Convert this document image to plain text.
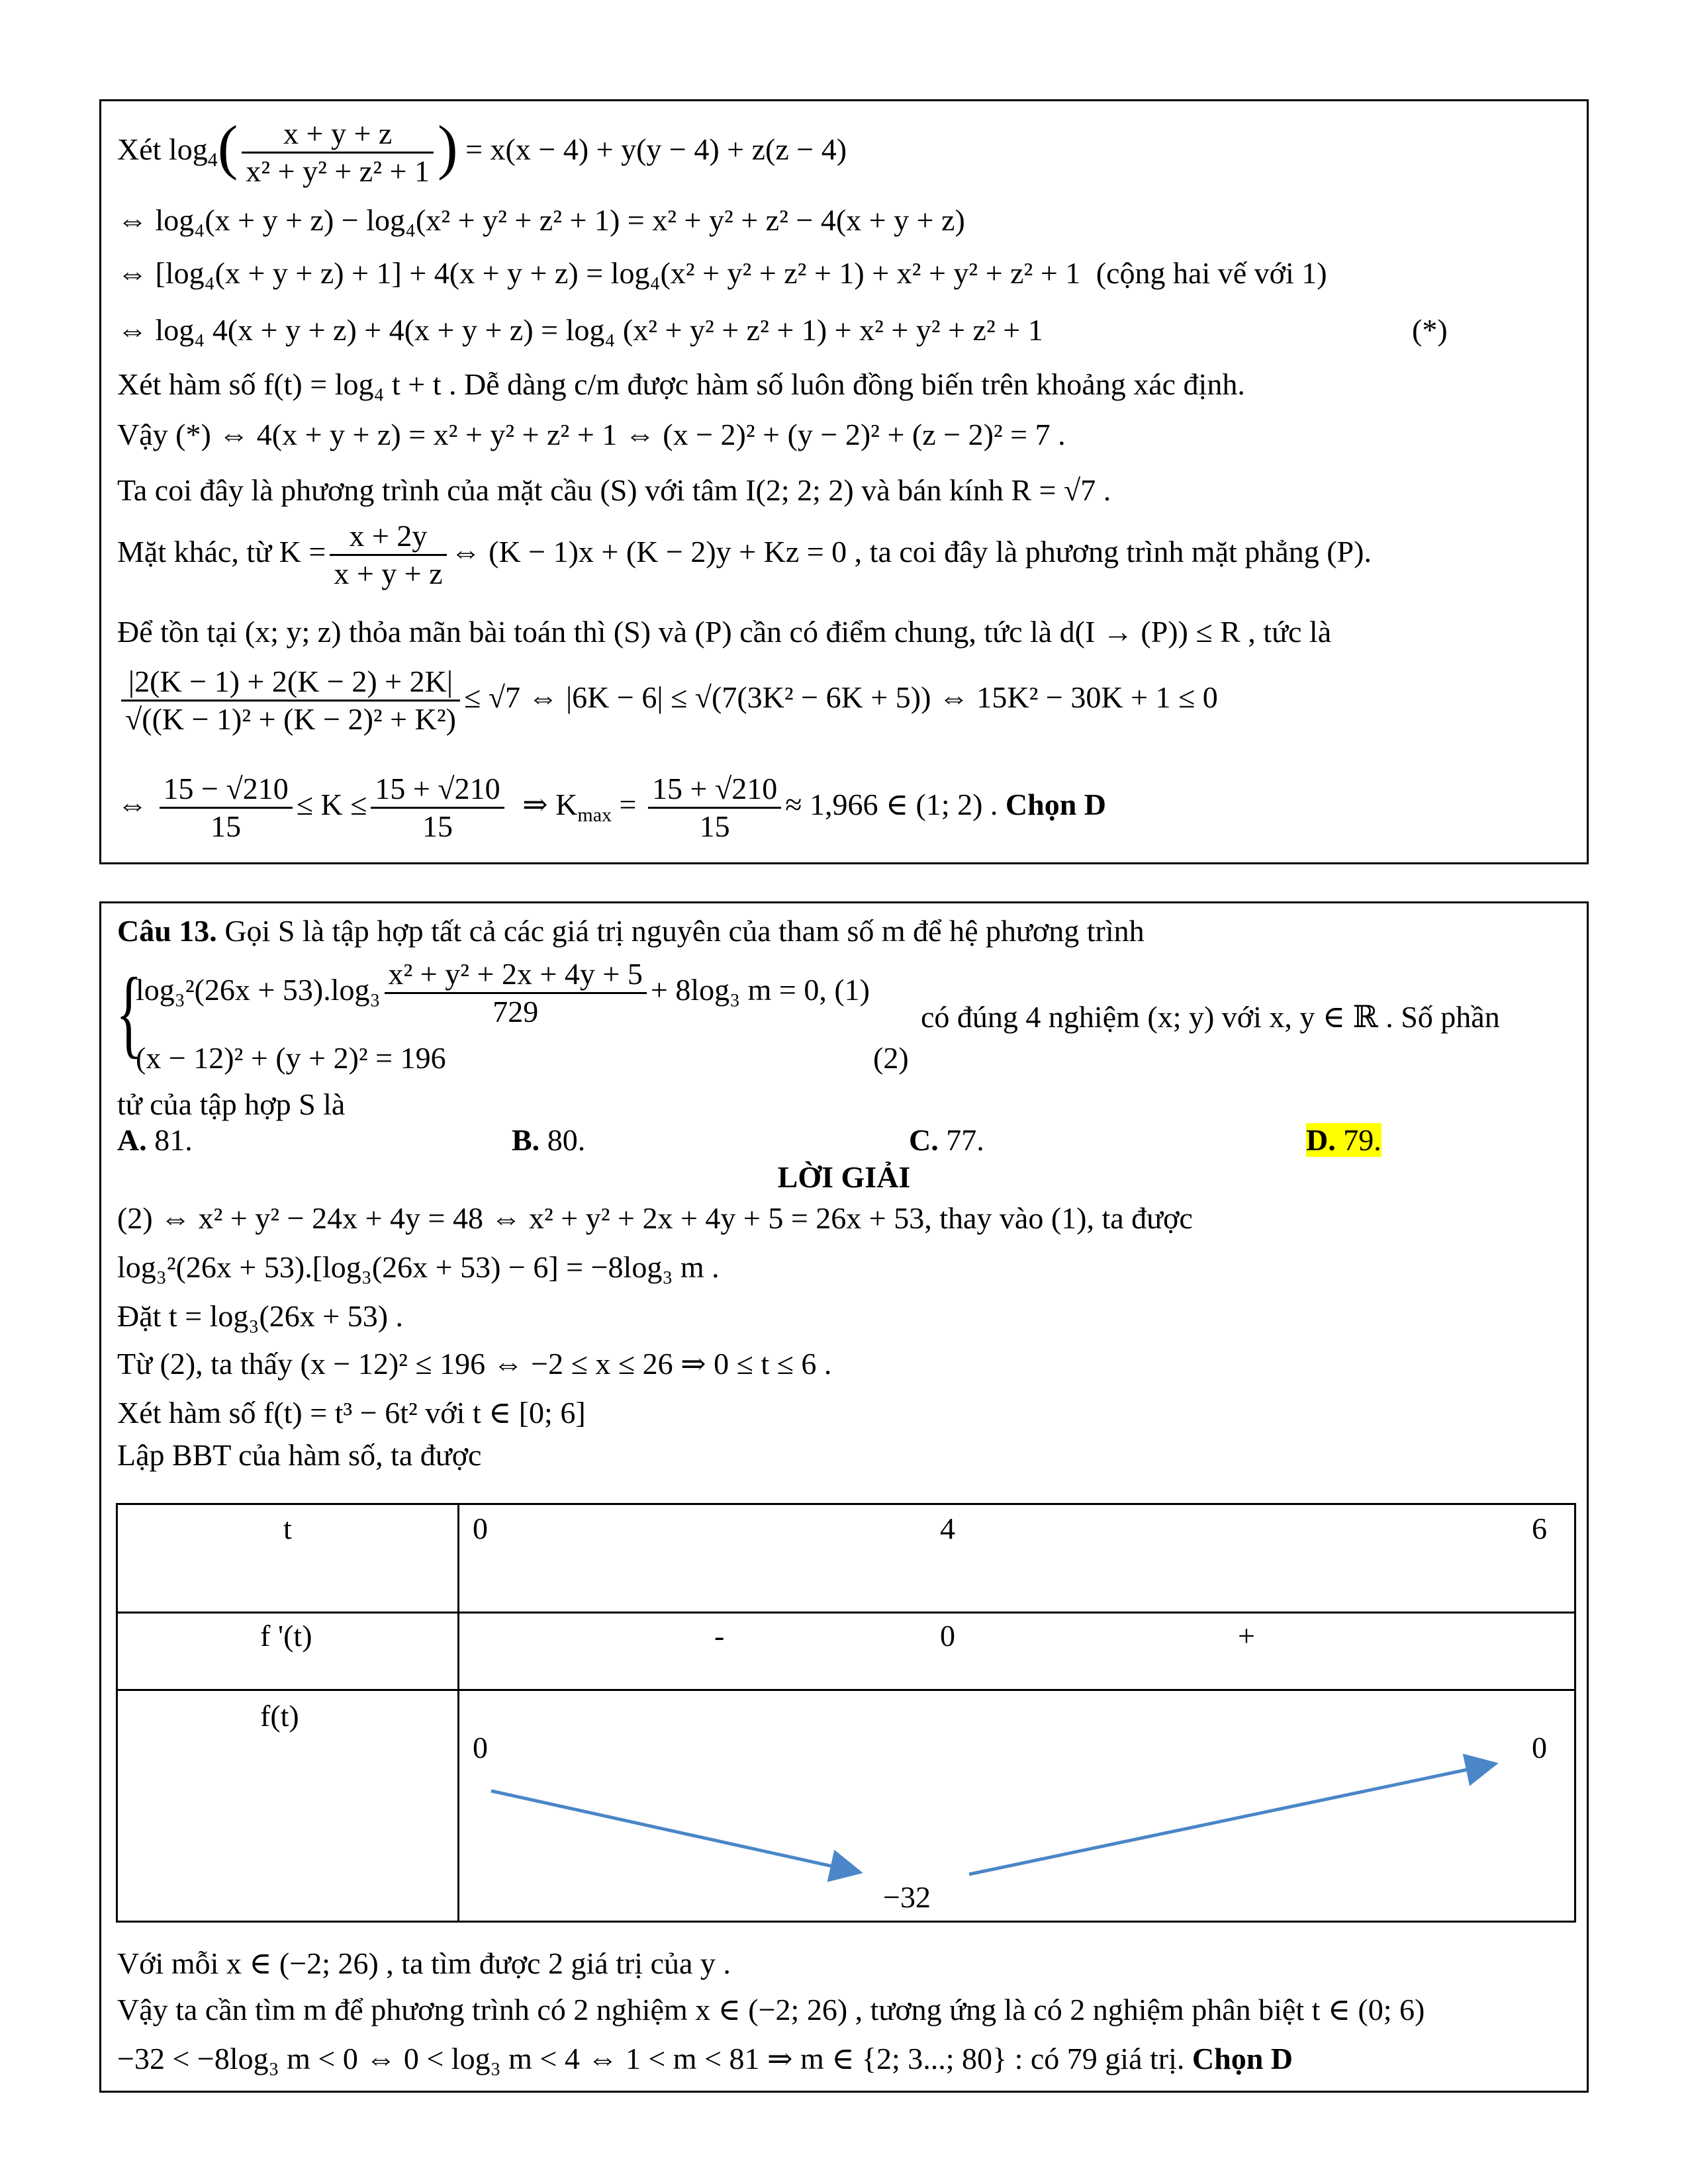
Xét $\log_4( \frac{x + y + z}{\text{x² + y² + z² + 1}}$ ) = x(x − 4) + y(y − 4) + z(z − 4)
⇔ log₄(x + y + z) − log₄(x² + y² + z² + 1) = x² + y² + z² − 4(x + y + z)
⇔ [log₄(x + y + z) + 1] + 4(x + y + z) = log₄(x² + y² + z² + 1) + x² + y² + z² + 1 (cộng hai vế với 1)
⇔ log₄ 4(x + y + z) + 4(x + y + z) = log₄ (x² + y² + z² + 1) + x² + y² + z² + 1	(*)
Xét hàm số f(t) = log₄ t + t . Dễ dàng c/m được hàm số luôn đồng biến trên khoảng xác định.
Vậy (*) ⇔ 4(x + y + z) = x² + y² + z² + 1 ⇔ (x − 2)² + (y − 2)² + (z − 2)² = 7 .
Ta coi đây là phương trình của mặt cầu (S) với tâm I(2; 2; 2) và bán kính R = √7 .
Mặt khác, từ $K = \frac{x + 2y}{x + y + z}$ ⇔ (K − 1)x + (K − 2)y + Kz = 0 , ta coi đây là phương trình mặt phẳng (P).
Để tồn tại (x; y; z) thỏa mãn bài toán thì (S) và (P) cần có điểm chung, tức là d(I → (P)) ≤ R , tức là
$\frac{|2(K - 1) + 2(K - 2) + 2K|}{\text{√((K − 1)² + (K − 2)² + K²)}} \le √7$ ⇔ |6K − 6| ≤ √(7(3K² − 6K + 5)) ⇔ 15K² − 30K + 1 ≤ 0
⇔ $\frac{15 - √210}{15} \le K \le \frac{15 + √210}{15}$ ⇒ $K_{max} = \frac{15 + √210}{15} \approx 1,966$ ∈ (1; 2) . Chọn D
Câu 13. Gọi S là tập hợp tất cả các giá trị nguyên của tham số m để hệ phương trình
{
$\log_3^2(26x + 53).\log_3 \frac{\text{x² + y² + 2x + 4y + 5}}{729} + 8\log_3$ m = 0, (1)
(x − 12)² + (y + 2)² = 196	(2)
có đúng 4 nghiệm (x; y) với x, y ∈ ℝ . Số phần
tử của tập hợp S là
A. 81.	B. 80.	C. 77.	D. 79.
LỜI GIẢI
(2) ⇔ x² + y² − 24x + 4y = 48 ⇔ x² + y² + 2x + 4y + 5 = 26x + 53, thay vào (1), ta được
log₃²(26x + 53).[log₃(26x + 53) − 6] = −8log₃ m .
Đặt t = log₃(26x + 53) .
Từ (2), ta thấy (x − 12)² ≤ 196 ⇔ −2 ≤ x ≤ 26 ⇒ 0 ≤ t ≤ 6 .
Xét hàm số f(t) = t³ − 6t² với t ∈ [0; 6]
Lập BBT của hàm số, ta được
t	0 4 6

f '(t)	- 0 +

f(t)	0 0
−32
Với mỗi x ∈ (−2; 26) , ta tìm được 2 giá trị của y .
Vậy ta cần tìm m để phương trình có 2 nghiệm x ∈ (−2; 26) , tương ứng là có 2 nghiệm phân biệt t ∈ (0; 6)
−32 < −8log₃ m < 0 ⇔ 0 < log₃ m < 4 ⇔ 1 < m < 81 ⇒ m ∈ {2; 3...; 80} : có 79 giá trị. Chọn D
